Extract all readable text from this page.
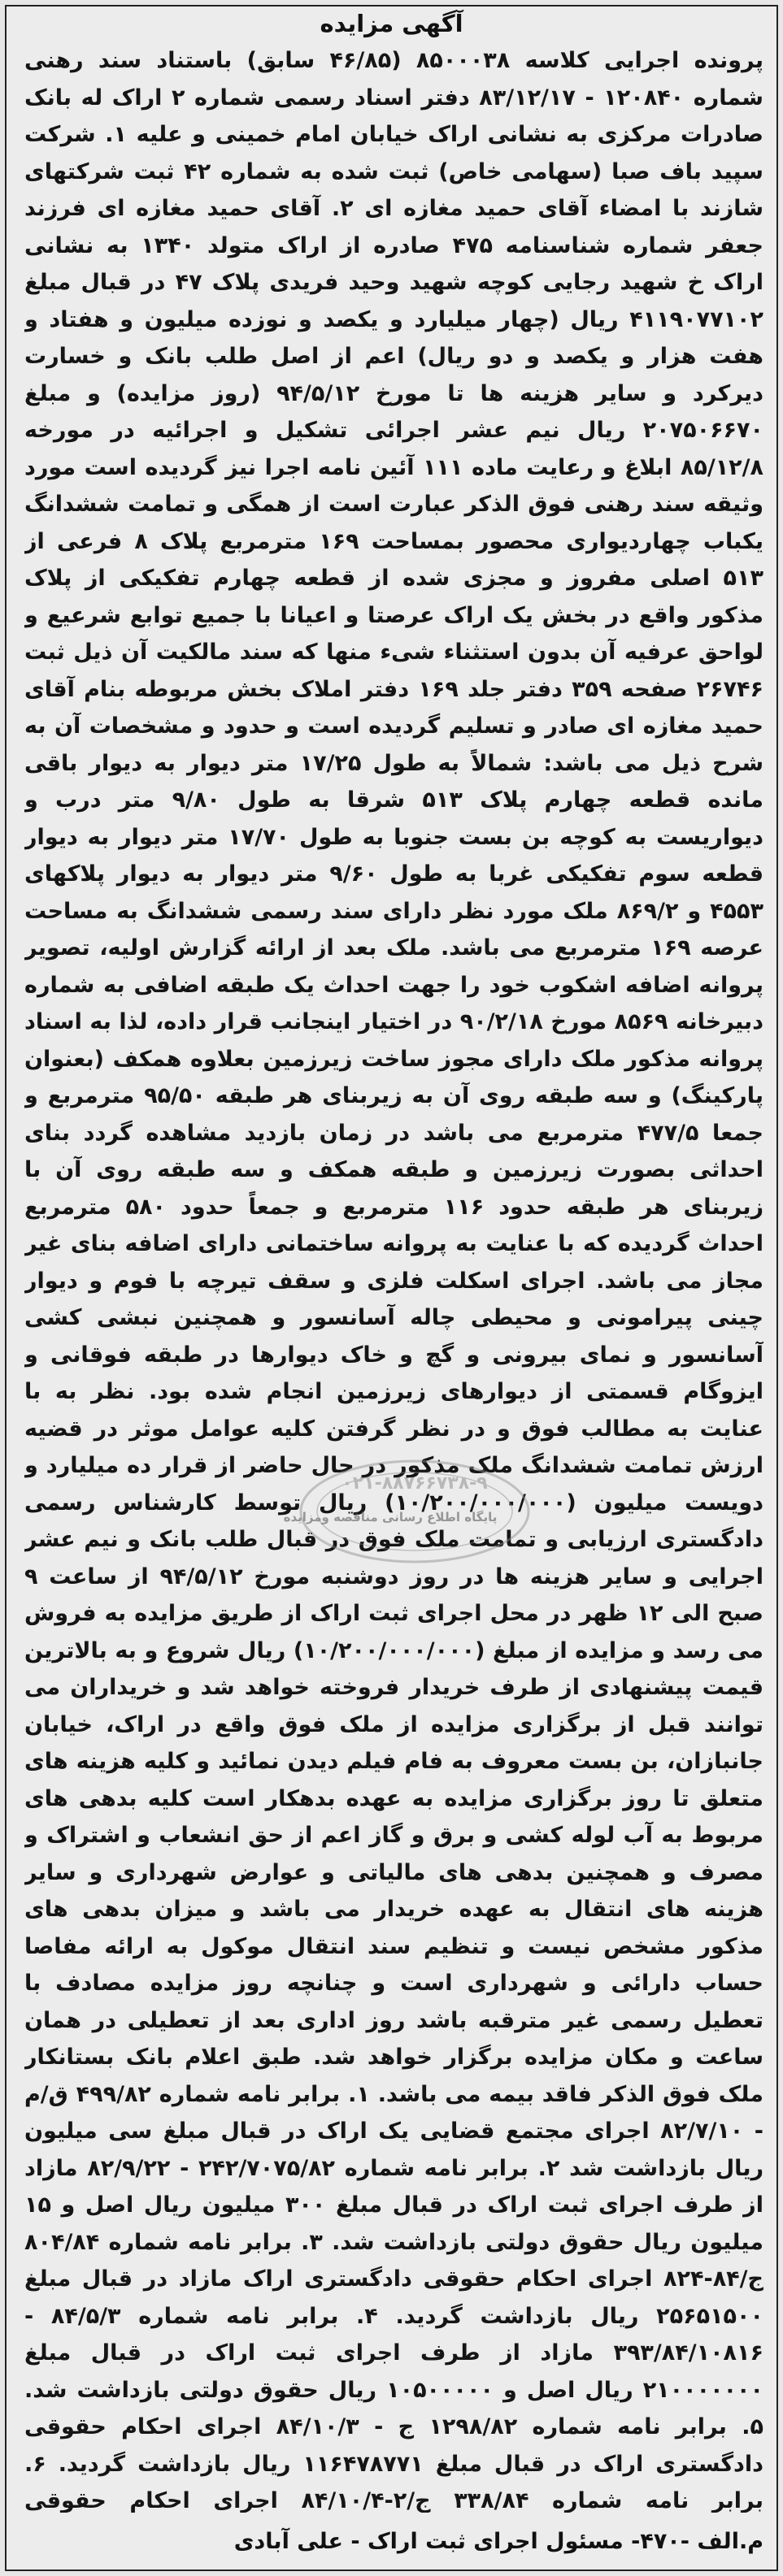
آگهی مزایده
پرونده اجرایی کلاسه ۸۵۰۰۰۳۸ (۴۶/۸۵ سابق) باستناد سند رهنی شماره ۱۲۰۸۴۰ - ۸۳/۱۲/۱۷ دفتر اسناد رسمی شماره ۲ اراک له بانک صادرات مرکزی به نشانی اراک خیابان امام خمینی و علیه ۱. شرکت سپید باف صبا (سهامی خاص) ثبت شده به شماره ۴۲ ثبت شرکتهای شازند با امضاء آقای حمید مغازه ای ۲. آقای حمید مغازه ای فرزند جعفر شماره شناسنامه ۴۷۵ صادره از اراک متولد ۱۳۴۰ به نشانی اراک خ شهید رجایی کوچه شهید وحید فریدی پلاک ۴۷ در قبال مبلغ ۴۱۱۹۰۷۷۱۰۲ ریال (چهار میلیارد و یکصد و نوزده میلیون و هفتاد و هفت هزار و یکصد و دو ریال) اعم از اصل طلب بانک و خسارت دیرکرد و سایر هزینه ها تا مورخ ۹۴/۵/۱۲ (روز مزایده) و مبلغ ۲۰۷۵۰۶۶۷۰ ریال نیم عشر اجرائی تشکیل و اجرائیه در مورخه ۸۵/۱۲/۸ ابلاغ و رعایت ماده ۱۱۱ آئین نامه اجرا نیز گردیده است مورد وثیقه سند رهنی فوق الذکر عبارت است از همگی و تمامت ششدانگ یکباب چهاردیواری محصور بمساحت ۱۶۹ مترمربع پلاک ۸ فرعی از ۵۱۳ اصلی مفروز و مجزی شده از قطعه چهارم تفکیکی از پلاک مذکور واقع در بخش یک اراک عرصتا و اعیانا با جمیع توابع شرعیع و لواحق عرفیه آن بدون استثناء شیء منها که سند مالکیت آن ذیل ثبت ۲۶۷۴۶ صفحه ۳۵۹ دفتر جلد ۱۶۹ دفتر املاک بخش مربوطه بنام آقای حمید مغازه ای صادر و تسلیم گردیده است و حدود و مشخصات آن به شرح ذیل می باشد: شمالاً به طول ۱۷/۲۵ متر دیوار به دیوار باقی مانده قطعه چهارم پلاک ۵۱۳ شرقا به طول ۹/۸۰ متر درب و دیواریست به کوچه بن بست جنوبا به طول ۱۷/۷۰ متر دیوار به دیوار قطعه سوم تفکیکی غربا به طول ۹/۶۰ متر دیوار به دیوار پلاکهای ۴۵۵۳ و ۸۶۹/۲ ملک مورد نظر دارای سند رسمی ششدانگ به مساحت عرصه ۱۶۹ مترمربع می باشد. ملک بعد از ارائه گزارش اولیه، تصویر پروانه اضافه اشکوب خود را جهت احداث یک طبقه اضافی به شماره دبیرخانه ۸۵۶۹ مورخ ۹۰/۲/۱۸ در اختیار اینجانب قرار داده، لذا به اسناد پروانه مذکور ملک دارای مجوز ساخت زیرزمین بعلاوه همکف (بعنوان پارکینگ) و سه طبقه روی آن به زیربنای هر طبقه ۹۵/۵۰ مترمربع و جمعا ۴۷۷/۵ مترمربع می باشد در زمان بازدید مشاهده گردد بنای احداثی بصورت زیرزمین و طبقه همکف و سه طبقه روی آن با زیربنای هر طبقه حدود ۱۱۶ مترمربع و جمعاً حدود ۵۸۰ مترمربع احداث گردیده که با عنایت به پروانه ساختمانی دارای اضافه بنای غیر مجاز می باشد. اجرای اسکلت فلزی و سقف تیرچه با فوم و دیوار چینی پیرامونی و محیطی چاله آسانسور و همچنین نبشی کشی آسانسور و نمای بیرونی و گچ و خاک دیوارها در طبقه فوقانی و ایزوگام قسمتی از دیوارهای زیرزمین انجام شده بود. نظر به با عنایت به مطالب فوق و در نظر گرفتن کلیه عوامل موثر در قضیه ارزش تمامت ششدانگ ملک مذکور در حال حاضر از قرار ده میلیارد و دویست میلیون (۱۰/۲۰۰/۰۰۰/۰۰۰) ریال توسط کارشناس رسمی دادگستری ارزیابی و تمامت ملک فوق در قبال طلب بانک و نیم عشر اجرایی و سایر هزینه ها در روز دوشنبه مورخ ۹۴/۵/۱۲ از ساعت ۹ صبح الی ۱۲ ظهر در محل اجرای ثبت اراک از طریق مزایده به فروش می رسد و مزایده از مبلغ (۱۰/۲۰۰/۰۰۰/۰۰۰) ریال شروع و به بالاترین قیمت پیشنهادی از طرف خریدار فروخته خواهد شد و خریداران می توانند قبل از برگزاری مزایده از ملک فوق واقع در اراک، خیابان جانبازان، بن بست معروف به فام فیلم دیدن نمائید و کلیه هزینه های متعلق تا روز برگزاری مزایده به عهده بدهکار است کلیه بدهی های مربوط به آب لوله کشی و برق و گاز اعم از حق انشعاب و اشتراک و مصرف و همچنین بدهی های مالیاتی و عوارض شهرداری و سایر هزینه های انتقال به عهده خریدار می باشد و میزان بدهی های مذکور مشخص نیست و تنظیم سند انتقال موکول به ارائه مفاصا حساب دارائی و شهرداری است و چنانچه روز مزایده مصادف با تعطیل رسمی غیر مترقبه باشد روز اداری بعد از تعطیلی در همان ساعت و مکان مزایده برگزار خواهد شد. طبق اعلام بانک بستانکار ملک فوق الذکر فاقد بیمه می باشد. ۱. برابر نامه شماره ۴۹۹/۸۲ ق/م - ۸۲/۷/۱۰ اجرای مجتمع قضایی یک اراک در قبال مبلغ سی میلیون ریال بازداشت شد ۲. برابر نامه شماره ۲۴۲/۷۰۷۵/۸۲ - ۸۲/۹/۲۲ مازاد از طرف اجرای ثبت اراک در قبال مبلغ ۳۰۰ میلیون ریال اصل و ۱۵ میلیون ریال حقوق دولتی بازداشت شد. ۳. برابر نامه شماره ۸۰۴/۸۴ ج/۸۴-۸۲۴ اجرای احکام حقوقی دادگستری اراک مازاد در قبال مبلغ ۲۵۶۵۱۵۰۰ ریال بازداشت گردید. ۴. برابر نامه شماره ۸۴/۵/۳ - ۳۹۳/۸۴/۱۰۸۱۶ مازاد از طرف اجرای ثبت اراک در قبال مبلغ ۲۱۰۰۰۰۰۰۰ ریال اصل و ۱۰۵۰۰۰۰۰ ریال حقوق دولتی بازداشت شد. ۵. برابر نامه شماره ۱۲۹۸/۸۲ ج - ۸۴/۱۰/۳ اجرای احکام حقوقی دادگستری اراک در قبال مبلغ ۱۱۶۴۷۸۷۷۱ ریال بازداشت گردید. ۶. برابر نامه شماره ۳۳۸/۸۴ ج/۲-۸۴/۱۰/۴ اجرای احکام حقوقی
م.الف -۴۷۰- مسئول اجرای ثبت اراک - علی آبادی
۰۲۱-۸۸۷۶۶۷۳۸-۹
پایگاه اطلاع رسانی مناقصه ومزایده
